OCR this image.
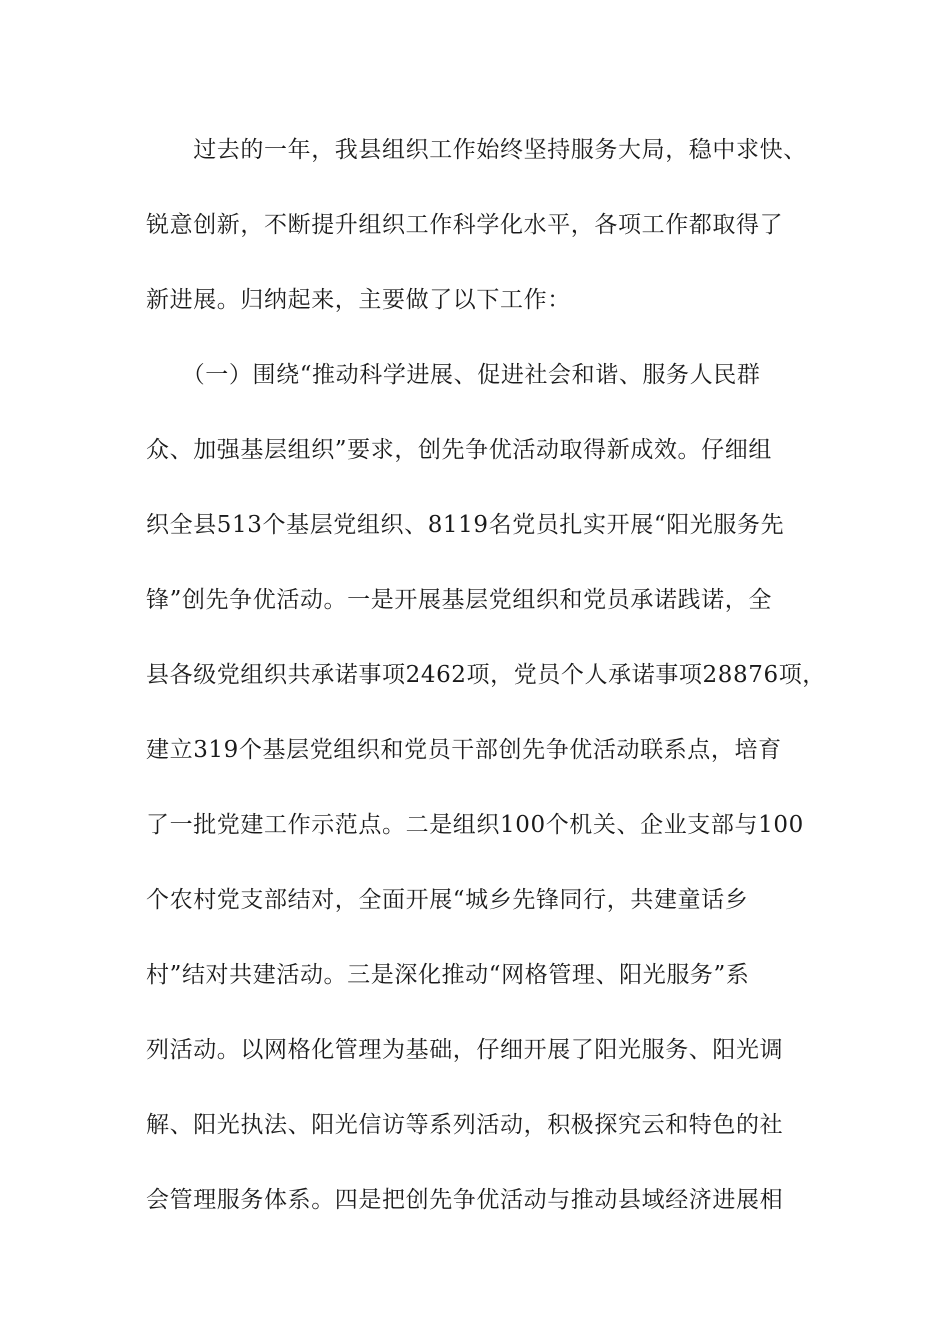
　　过去的一年，我县组织工作始终坚持服务大局，稳中求快、
锐意创新，不断提升组织工作科学化水平，各项工作都取得了
新进展。归纳起来，主要做了以下工作：
　　（一）围绕“推动科学进展、促进社会和谐、服务人民群
众、加强基层组织”要求，创先争优活动取得新成效。仔细组
织全县513个基层党组织、8119名党员扎实开展“阳光服务先
锋”创先争优活动。一是开展基层党组织和党员承诺践诺，全
县各级党组织共承诺事项2462项，党员个人承诺事项28876项，
建立319个基层党组织和党员干部创先争优活动联系点，培育
了一批党建工作示范点。二是组织100个机关、企业支部与100
个农村党支部结对，全面开展“城乡先锋同行，共建童话乡
村”结对共建活动。三是深化推动“网格管理、阳光服务”系
列活动。以网格化管理为基础，仔细开展了阳光服务、阳光调
解、阳光执法、阳光信访等系列活动，积极探究云和特色的社
会管理服务体系。四是把创先争优活动与推动县域经济进展相
